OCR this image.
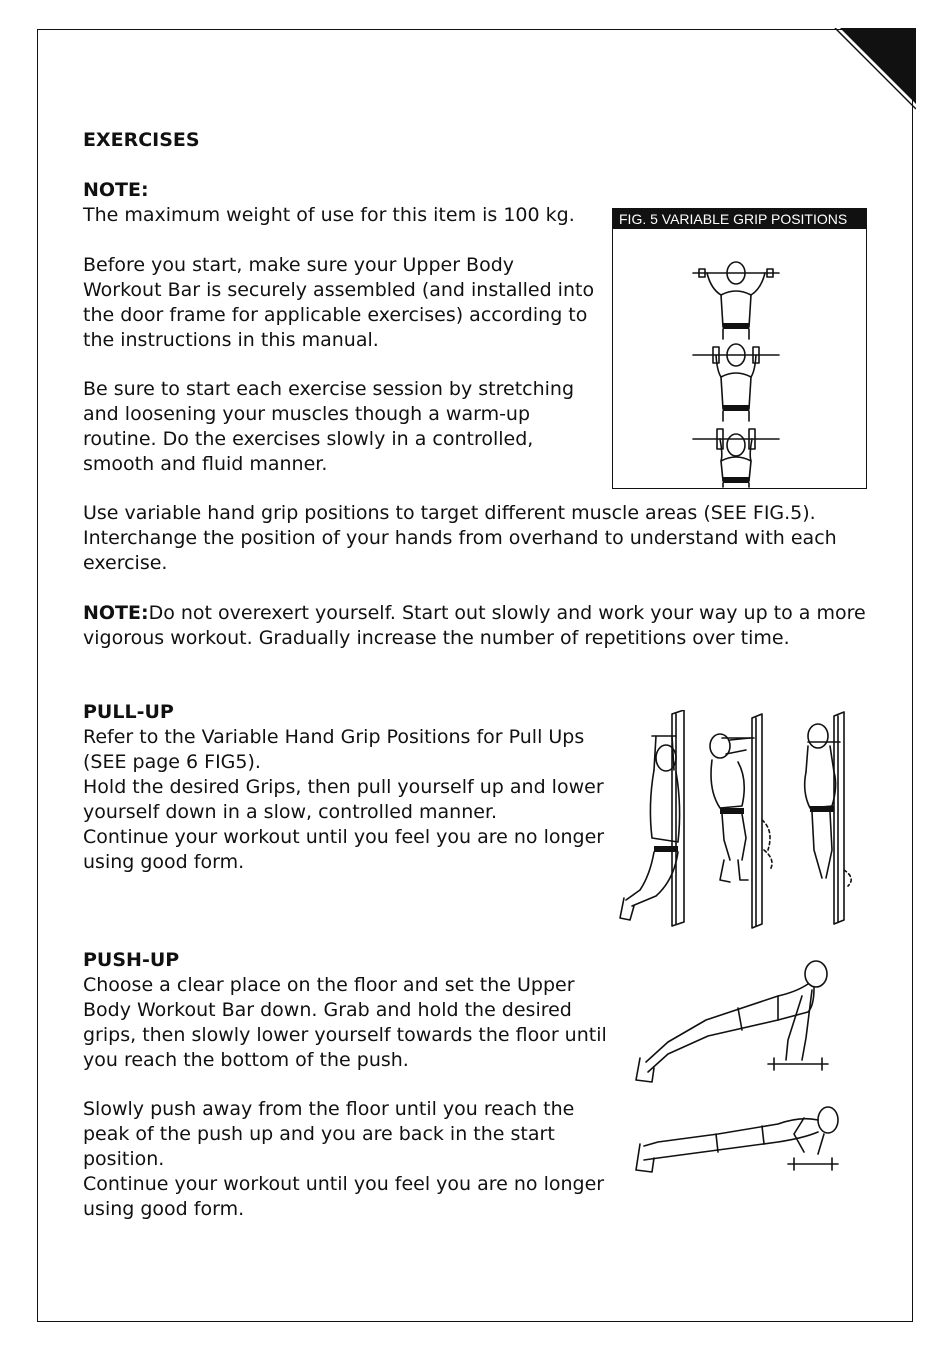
EXERCISES
NOTE:
The maximum weight of use for this item is 100 kg.
Before you start, make sure your Upper Body
Workout Bar is securely assembled (and installed into
the door frame for applicable exercises) according to
the instructions in this manual.
Be sure to start each exercise session by stretching
and loosening your muscles though a warm-up
routine. Do the exercises slowly in a controlled,
smooth and fluid manner.
Use variable hand grip positions to target different muscle areas (SEE FIG.5).
Interchange the position of your hands from overhand to understand with each
exercise.
NOTE:Do not overexert yourself. Start out slowly and work your way up to a more
vigorous workout. Gradually increase the number of repetitions over time.
FIG. 5 VARIABLE GRIP POSITIONS
PULL-UP
Refer to the Variable Hand Grip Positions for Pull Ups
(SEE page 6 FIG5).
Hold the desired Grips, then pull yourself up and lower
yourself down in a slow, controlled manner.
Continue your workout until you feel you are no longer
using good form.
PUSH-UP
Choose a clear place on the floor and set the Upper
Body Workout Bar down. Grab and hold the desired
grips, then slowly lower yourself towards the floor until
you reach the bottom of the push.
Slowly push away from the floor until you reach the
peak of the push up and you are back in the start
position.
Continue your workout until you feel you are no longer
using good form.
